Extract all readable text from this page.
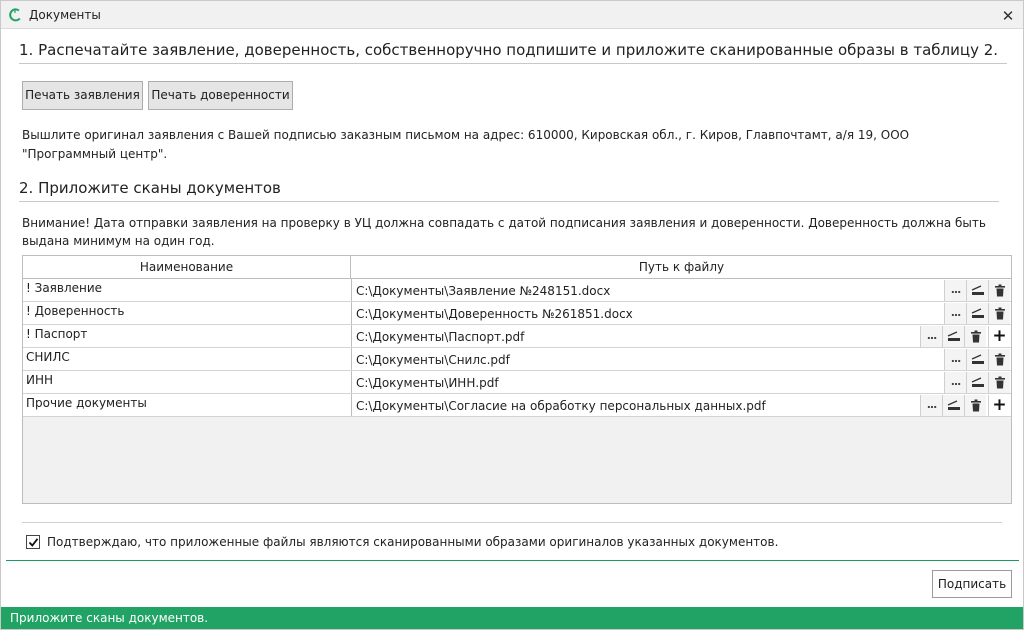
Документы	✕
1. Распечатайте заявление, доверенность, собственноручно подпишите и приложите сканированные образы в таблицу 2.
Печать заявления Печать доверенности
Вышлите оригинал заявления с Вашей подписью заказным письмом на адрес: 610000, Кировская обл., г. Киров, Главпочтамт, а/я 19, ООО "Программный центр".
2. Приложите сканы документов
Внимание! Дата отправки заявления на проверку в УЦ должна совпадать с датой подписания заявления и доверенности. Доверенность должна быть выдана минимум на один год.
Наименование	Путь к файлу
! Заявление	C:\Документы\Заявление №248151.docx	...
! Доверенность	C:\Документы\Доверенность №261851.docx	...
! Паспорт	C:\Документы\Паспорт.pdf	...	+
СНИЛС	C:\Документы\Снилс.pdf	...
ИНН	C:\Документы\ИНН.pdf	...
Прочие документы	C:\Документы\Согласие на обработку персональных данных.pdf	...	+
Подтверждаю, что приложенные файлы являются сканированными образами оригиналов указанных документов.
Подписать
Приложите сканы документов.
